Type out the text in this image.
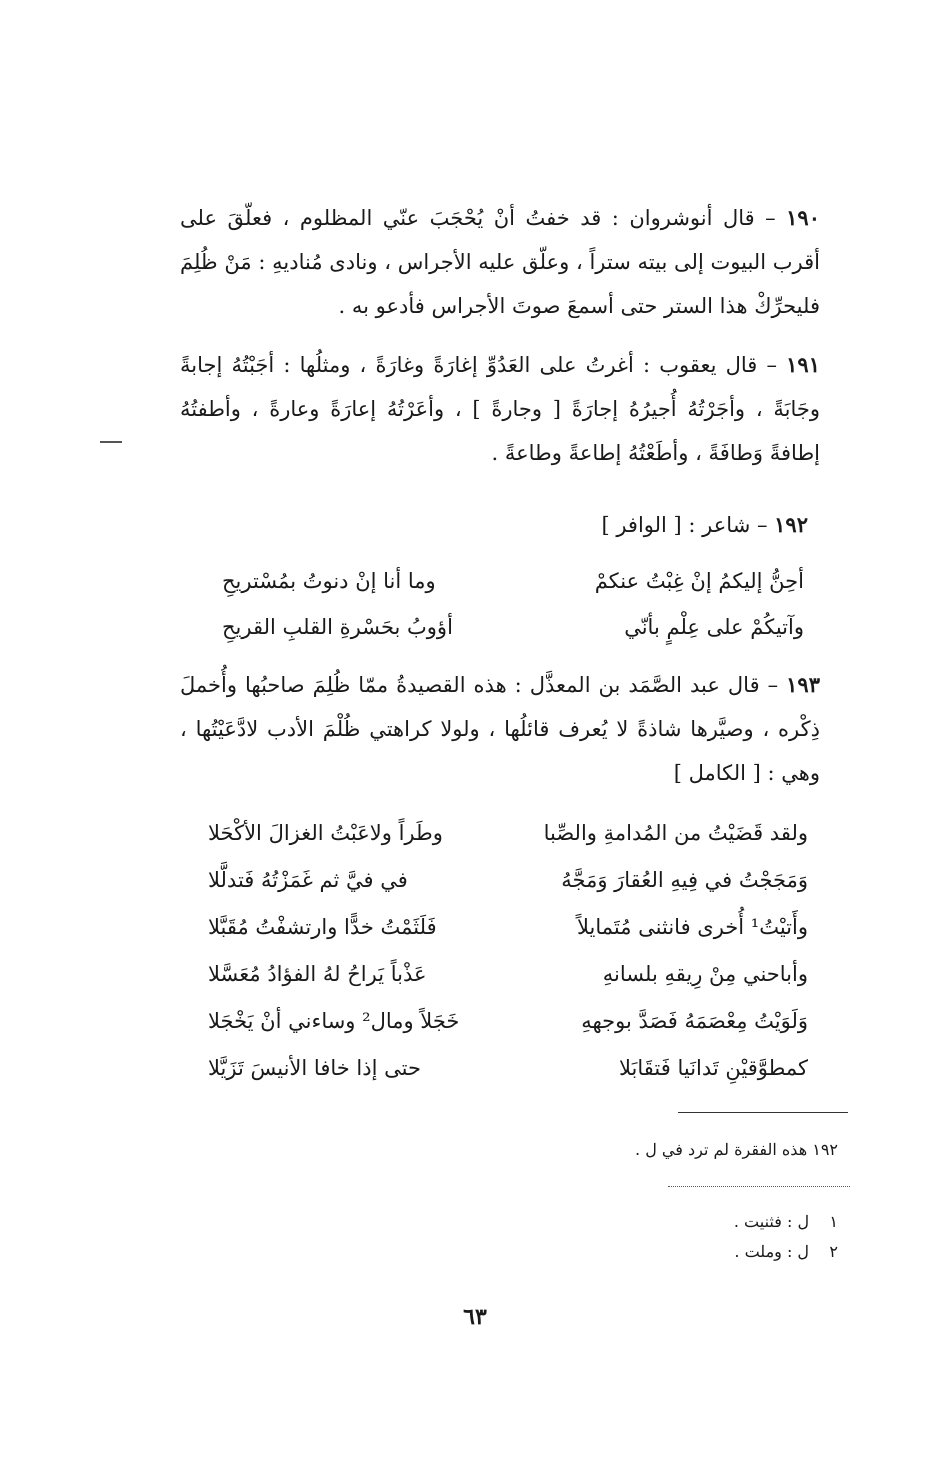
١٩٠ – قال أنوشروان : قد خفتُ أنْ يُحْجَبَ عنّي المظلوم ، فعلّقَ على أقرب البيوت إلى بيته ستراً ، وعلّق عليه الأجراس ، ونادى مُناديهِ : مَنْ ظُلِمَ فليحرِّكْ هذا الستر حتى أسمعَ صوتَ الأجراس فأدعو به .
١٩١ – قال يعقوب : أغرتُ على العَدُوِّ إغارَةً وغارَةً ، ومثلُها : أجَبْتُهُ إجابةً وجَابَةً ، وأجَرْتُهُ أُجيرُهُ إجارَةً [ وجارةً ] ، وأعَرْتُهُ إعارَةً وعارةً ، وأطفتُهُ إطافةً وَطافَةً ، وأطَعْتُهُ إطاعةً وطاعةً .
١٩٢ – شاعر : [ الوافر ]
أحِنُّ إليكمُ إنْ غِبْتُ عنكمْ
وما أنا إنْ دنوتُ بمُسْتريحِ
وآتيكُمْ على عِلْمٍ بأنّي
أؤوبُ بحَسْرةِ القلبِ القريحِ
١٩٣ – قال عبد الصَّمَد بن المعذَّل : هذه القصيدةُ ممّا ظُلِمَ صاحبُها وأُخملَ ذِكْره ، وصيَّرها شاذةً لا يُعرف قائلُها ، ولولا كراهتي ظُلْمَ الأدب لادَّعَيْتُها ، وهي : [ الكامل ]
ولقد قَضَيْتُ من المُدامةِ والصِّبا
وطَراً ولاعَبْتُ الغزالَ الأكْحَلا
وَمَجَجْتُ في فِيهِ العُقارَ وَمَجَّهُ
في فيَّ ثم غَمَزْتُهُ فَتدلَّلا
وأَتيْتُ¹ أُخرى فانثنى مُتَمايلاً
فَلَثَمْتُ خدًّا وارتشفْتُ مُقَبَّلا
وأباحني مِنْ رِيقهِ بلسانهِ
عَذْباً يَراحُ لهُ الفؤادُ مُعَسَّلا
وَلَوَيْتُ مِعْصَمَهُ فَصَدَّ بوجههِ
خَجَلاً ومال² وساءني أنْ يَخْجَلا
كمطوَّقيْنِ تَدانَيا فَتقَابَلا
حتى إذا خافا الأنيسَ تَزَيَّلا
١٩٢ هذه الفقرة لم ترد في ل .
١    ل : فثنيت .
٢    ل : وملت .
٦٣
